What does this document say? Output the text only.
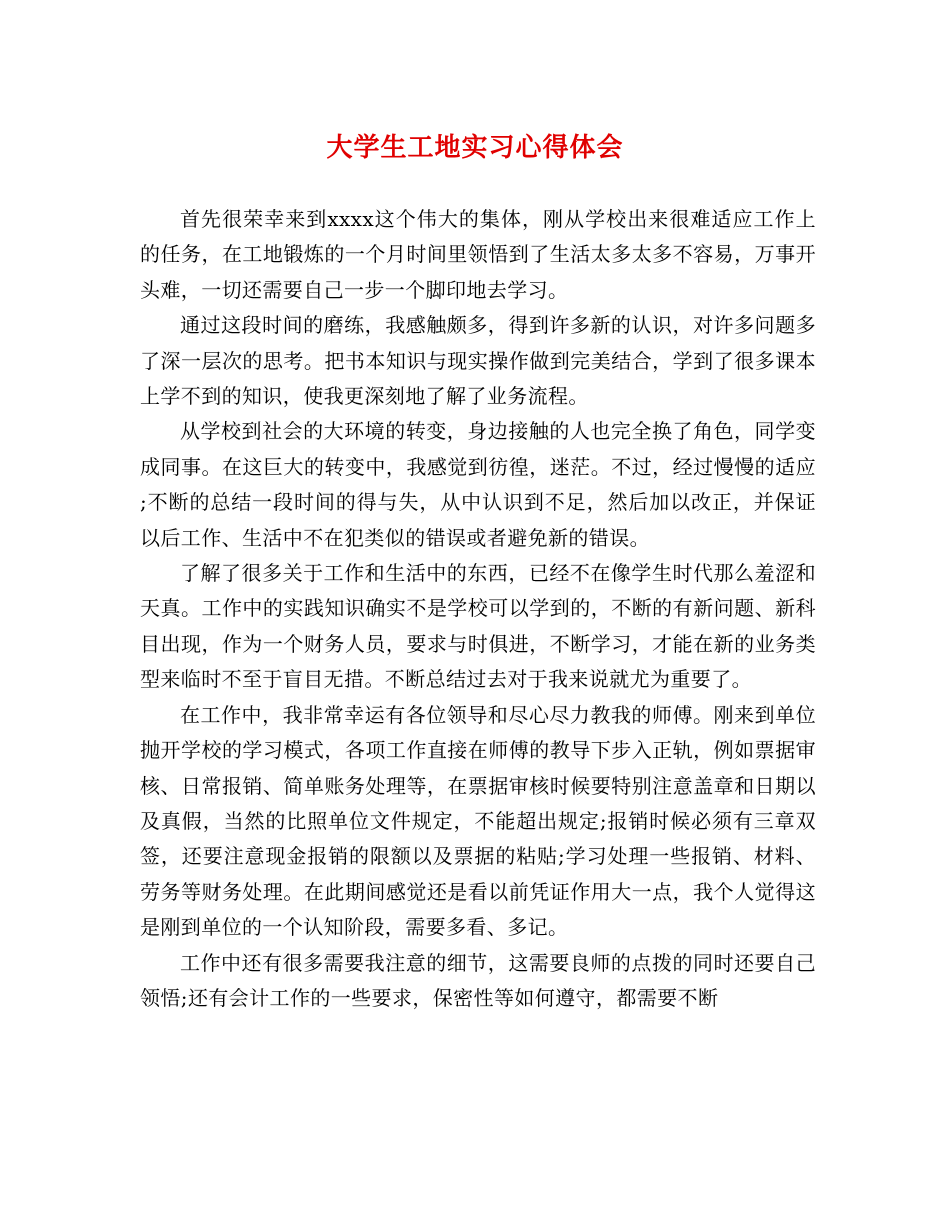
大学生工地实习心得体会

首先很荣幸来到xxxx这个伟大的集体，刚从学校出来很难适应工作上的任务，在工地锻炼的一个月时间里领悟到了生活太多太多不容易，万事开头难，一切还需要自己一步一个脚印地去学习。

通过这段时间的磨练，我感触颇多，得到许多新的认识，对许多问题多了深一层次的思考。把书本知识与现实操作做到完美结合，学到了很多课本上学不到的知识，使我更深刻地了解了业务流程。

从学校到社会的大环境的转变，身边接触的人也完全换了角色，同学变成同事。在这巨大的转变中，我感觉到彷徨，迷茫。不过，经过慢慢的适应 ;不断的总结一段时间的得与失，从中认识到不足，然后加以改正，并保证以后工作、生活中不在犯类似的错误或者避免新的错误。

了解了很多关于工作和生活中的东西，已经不在像学生时代那么羞涩和天真。工作中的实践知识确实不是学校可以学到的，不断的有新问题、新科目出现，作为一个财务人员，要求与时俱进，不断学习，才能在新的业务类型来临时不至于盲目无措。不断总结过去对于我来说就尤为重要了。

在工作中，我非常幸运有各位领导和尽心尽力教我的师傅。刚来到单位抛开学校的学习模式，各项工作直接在师傅的教导下步入正轨，例如票据审核、日常报销、简单账务处理等，在票据审核时候要特别注意盖章和日期以及真假，当然的比照单位文件规定，不能超出规定;报销时候必须有三章双签，还要注意现金报销的限额以及票据的粘贴;学习处理一些报销、材料、劳务等财务处理。在此期间感觉还是看以前凭证作用大一点，我个人觉得这是刚到单位的一个认知阶段，需要多看、多记。

工作中还有很多需要我注意的细节，这需要良师的点拨的同时还要自己领悟;还有会计工作的一些要求，保密性等如何遵守，都需要不断
